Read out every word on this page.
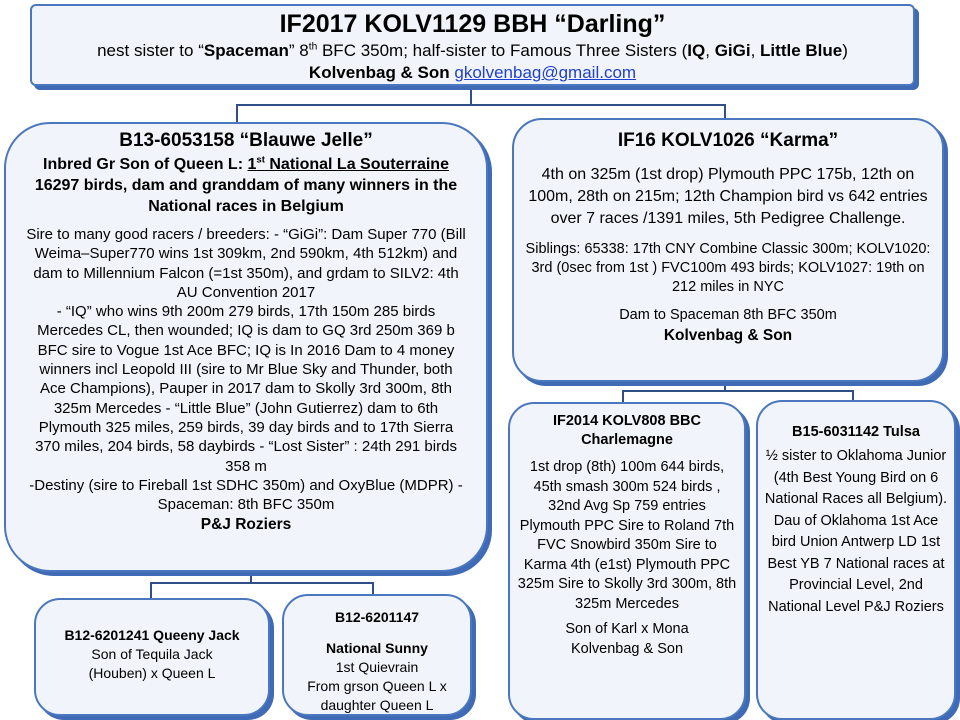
IF2017 KOLV1129 BBH “Darling”

nest sister to “Spaceman” 8th BFC 350m; half-sister to Famous Three Sisters (IQ, GiGi, Little Blue)

Kolvenbag & Son gkolvenbag@gmail.com

B13-6053158 “Blauwe Jelle”

Inbred Gr Son of Queen L: 1st National La Souterraine 16297 birds, dam and granddam of many winners in the National races in Belgium

Sire to many good racers / breeders: - “GiGi”: Dam Super 770 (Bill Weima–Super770 wins 1st 309km, 2nd 590km, 4th 512km) and dam to Millennium Falcon (=1st 350m), and grdam to SILV2: 4th AU Convention 2017

- “IQ” who wins 9th 200m 279 birds, 17th 150m 285 birds Mercedes CL, then wounded; IQ is dam to GQ 3rd 250m 369 b BFC sire to Vogue 1st Ace BFC; IQ is In 2016 Dam to 4 money winners incl Leopold III (sire to Mr Blue Sky and Thunder, both Ace Champions), Pauper in 2017 dam to Skolly 3rd 300m, 8th 325m Mercedes - “Little Blue” (John Gutierrez) dam to 6th Plymouth 325 miles, 259 birds, 39 day birds and to 17th Sierra 370 miles, 204 birds, 58 daybirds - “Lost Sister” : 24th 291 birds 358 m

-Destiny (sire to Fireball 1st SDHC 350m) and OxyBlue (MDPR) - Spaceman: 8th BFC 350m

P&J Roziers

IF16 KOLV1026 “Karma”

4th on 325m (1st drop) Plymouth PPC 175b, 12th on 100m, 28th on 215m; 12th Champion bird vs 642 entries over 7 races /1391 miles, 5th Pedigree Challenge.

Siblings: 65338: 17th CNY Combine Classic 300m; KOLV1020: 3rd (0sec from 1st ) FVC100m 493 birds; KOLV1027: 19th on 212 miles in NYC

Dam to Spaceman 8th BFC 350m

Kolvenbag & Son

B12-6201241 Queeny Jack

Son of Tequila Jack

(Houben) x Queen L

B12-6201147

National Sunny

1st Quievrain

From grson Queen L x

daughter Queen L

IF2014 KOLV808 BBC

Charlemagne

1st drop (8th) 100m 644 birds, 45th smash 300m 524 birds , 32nd Avg Sp 759 entries Plymouth PPC Sire to Roland 7th FVC Snowbird 350m Sire to Karma 4th (e1st) Plymouth PPC 325m Sire to Skolly 3rd 300m, 8th 325m Mercedes

Son of Karl x Mona

Kolvenbag & Son

B15-6031142 Tulsa

½ sister to Oklahoma Junior (4th Best Young Bird on 6 National Races all Belgium). Dau of Oklahoma 1st Ace bird Union Antwerp LD 1st Best YB 7 National races at Provincial Level, 2nd National Level P&J Roziers
